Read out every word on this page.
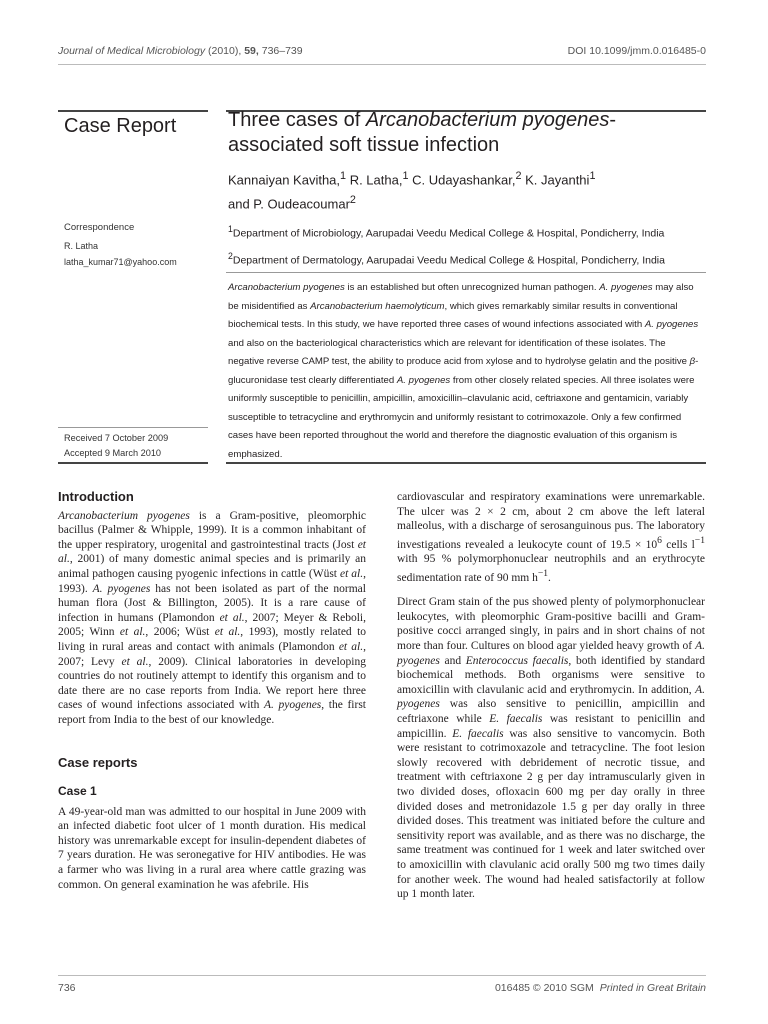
Journal of Medical Microbiology (2010), 59, 736–739	DOI 10.1099/jmm.0.016485-0
Case Report	Three cases of Arcanobacterium pyogenes-associated soft tissue infection
Kannaiyan Kavitha,$^1$ R. Latha,$^1$ C. Udayashankar,$^2$ K. Jayanthi$^1$
and P. Oudeacoumar$^2$
$^1$Department of Microbiology, Aarupadai Veedu Medical College & Hospital, Pondicherry, India
$^2$Department of Dermatology, Aarupadai Veedu Medical College & Hospital, Pondicherry, India
Correspondence
R. Latha
latha_kumar71@yahoo.com
Arcanobacterium pyogenes is an established but often unrecognized human pathogen. A. pyogenes may also be misidentified as Arcanobacterium haemolyticum, which gives remarkably similar results in conventional biochemical tests. In this study, we have reported three cases of wound infections associated with A. pyogenes and also on the bacteriological characteristics which are relevant for identification of these isolates. The negative reverse CAMP test, the ability to produce acid from xylose and to hydrolyse gelatin and the positive β-glucuronidase test clearly differentiated A. pyogenes from other closely related species. All three isolates were uniformly susceptible to penicillin, ampicillin, amoxicillin–clavulanic acid, ceftriaxone and gentamicin, variably susceptible to tetracycline and erythromycin and uniformly resistant to cotrimoxazole. Only a few confirmed cases have been reported throughout the world and therefore the diagnostic evaluation of this organism is emphasized.
Received 7 October 2009
Accepted 9 March 2010
Introduction

Arcanobacterium pyogenes is a Gram-positive, pleomorphic bacillus (Palmer & Whipple, 1999). It is a common inhabitant of the upper respiratory, urogenital and gastrointestinal tracts (Jost et al., 2001) of many domestic animal species and is primarily an animal pathogen causing pyogenic infections in cattle (Wüst et al., 1993). A. pyogenes has not been isolated as part of the normal human flora (Jost & Billington, 2005). It is a rare cause of infection in humans (Plamondon et al., 2007; Meyer & Reboli, 2005; Winn et al., 2006; Wüst et al., 1993), mostly related to living in rural areas and contact with animals (Plamondon et al., 2007; Levy et al., 2009). Clinical laboratories in developing countries do not routinely attempt to identify this organism and to date there are no case reports from India. We report here three cases of wound infections associated with A. pyogenes, the first report from India to the best of our knowledge.

Case reports
Case 1

A 49-year-old man was admitted to our hospital in June 2009 with an infected diabetic foot ulcer of 1 month duration. His medical history was unremarkable except for insulin-dependent diabetes of 7 years duration. He was seronegative for HIV antibodies. He was a farmer who was living in a rural area where cattle grazing was common. On general examination he was afebrile. His

cardiovascular and respiratory examinations were unremarkable. The ulcer was 2 × 2 cm, about 2 cm above the left lateral malleolus, with a discharge of serosanguinous pus. The laboratory investigations revealed a leukocyte count of $19.5 \times 10^6$ cells $l^{-1}$ with 95 % polymorphonuclear neutrophils and an erythrocyte sedimentation rate of 90 mm $h^{-1}$.

Direct Gram stain of the pus showed plenty of polymorphonuclear leukocytes, with pleomorphic Gram-positive bacilli and Gram-positive cocci arranged singly, in pairs and in short chains of not more than four. Cultures on blood agar yielded heavy growth of A. pyogenes and Enterococcus faecalis, both identified by standard biochemical methods. Both organisms were sensitive to amoxicillin with clavulanic acid and erythromycin. In addition, A. pyogenes was also sensitive to penicillin, ampicillin and ceftriaxone while E. faecalis was resistant to penicillin and ampicillin. E. faecalis was also sensitive to vancomycin. Both were resistant to cotrimoxazole and tetracycline. The foot lesion slowly recovered with debridement of necrotic tissue, and treatment with ceftriaxone 2 g per day intramuscularly given in two divided doses, ofloxacin 600 mg per day orally in three divided doses and metronidazole 1.5 g per day orally in three divided doses. This treatment was initiated before the culture and sensitivity report was available, and as there was no discharge, the same treatment was continued for 1 week and later switched over to amoxicillin with clavulanic acid orally 500 mg two times daily for another week. The wound had healed satisfactorily at follow up 1 month later.

736	016485 © 2010 SGM Printed in Great Britain
